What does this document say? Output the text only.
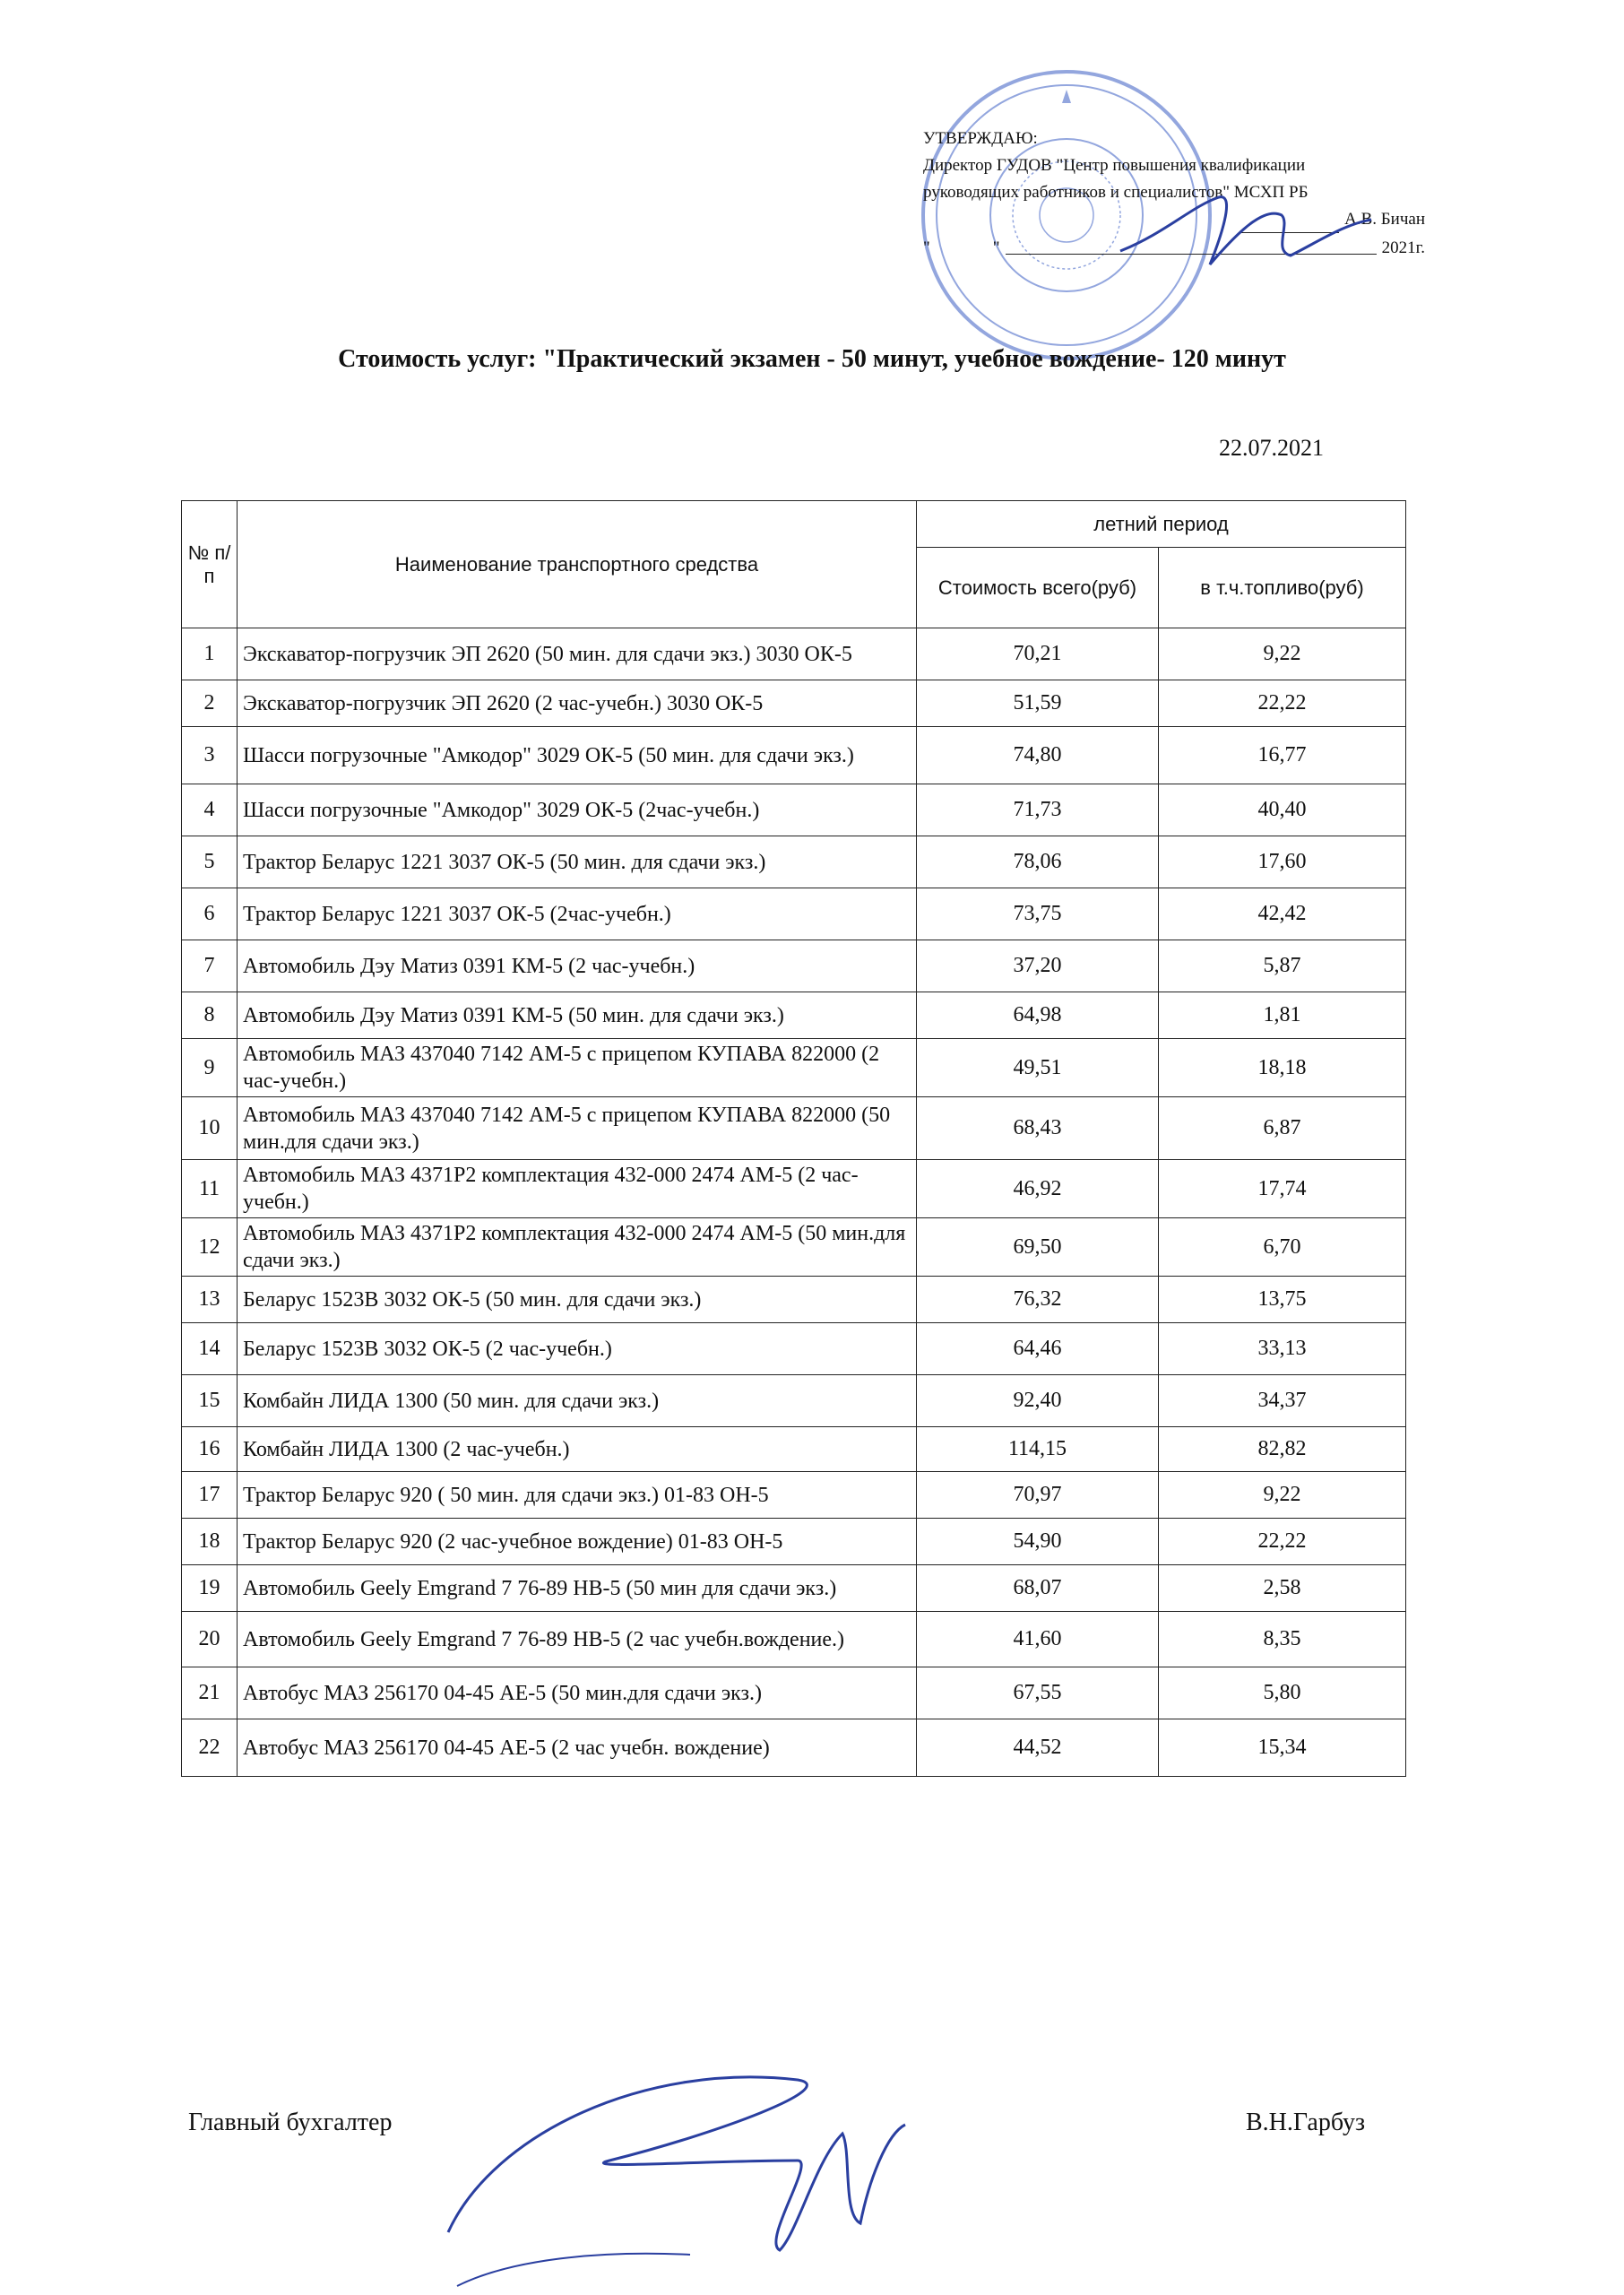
УТВЕРЖДАЮ:
Директор ГУДОВ "Центр повышения квалификации
руководящих работников и специалистов" МСХП РБ
А.В. Бичан
"	"	2021г.
Стоимость услуг: "Практический экзамен - 50 минут, учебное вождение- 120 минут
22.07.2021
№ п/п	Наименование транспортного средства	летний период	
		Стоимость всего(руб)	в т.ч.топливо(руб)
1	Экскаватор-погрузчик ЭП 2620 (50 мин. для сдачи экз.) 3030 ОК-5	70,21	9,22
2	Экскаватор-погрузчик ЭП 2620 (2 час-учебн.) 3030 ОК-5	51,59	22,22
3	Шасси погрузочные "Амкодор" 3029 ОК-5 (50 мин. для сдачи экз.)	74,80	16,77
4	Шасси погрузочные "Амкодор" 3029 ОК-5 (2час-учебн.)	71,73	40,40
5	Трактор Беларус 1221 3037 ОК-5 (50 мин. для сдачи экз.)	78,06	17,60
6	Трактор Беларус 1221 3037 ОК-5 (2час-учебн.)	73,75	42,42
7	Автомобиль Дэу Матиз 0391 КМ-5 (2 час-учебн.)	37,20	5,87
8	Автомобиль Дэу Матиз 0391 КМ-5 (50 мин. для сдачи экз.)	64,98	1,81
9	Автомобиль МАЗ 437040 7142 АМ-5 с прицепом КУПАВА 822000 (2 час-учебн.)	49,51	18,18
10	Автомобиль МАЗ 437040 7142 АМ-5 с прицепом КУПАВА 822000 (50 мин.для сдачи экз.)	68,43	6,87
11	Автомобиль МАЗ 4371Р2 комплектация 432-000 2474 АМ-5 (2 час-учебн.)	46,92	17,74
12	Автомобиль МАЗ 4371Р2 комплектация 432-000 2474 АМ-5 (50 мин.для сдачи экз.)	69,50	6,70
13	Беларус 1523В 3032 ОК-5 (50 мин. для сдачи экз.)	76,32	13,75
14	Беларус 1523В 3032 ОК-5 (2 час-учебн.)	64,46	33,13
15	Комбайн ЛИДА 1300 (50 мин. для сдачи экз.)	92,40	34,37
16	Комбайн ЛИДА 1300 (2 час-учебн.)	114,15	82,82
17	Трактор Беларус 920 ( 50 мин. для сдачи экз.) 01-83 ОН-5	70,97	9,22
18	Трактор Беларус 920 (2 час-учебное вождение) 01-83 ОН-5	54,90	22,22
19	Автомобиль Geely Emgrand 7 76-89 НВ-5 (50 мин для сдачи экз.)	68,07	2,58
20	Автомобиль Geely Emgrand 7 76-89 НВ-5 (2 час учебн.вождение.)	41,60	8,35
21	Автобус МАЗ 256170 04-45 АЕ-5 (50 мин.для сдачи экз.)	67,55	5,80
22	Автобус МАЗ 256170 04-45 АЕ-5 (2 час учебн. вождение)	44,52	15,34
Главный бухгалтер	В.Н.Гарбуз
